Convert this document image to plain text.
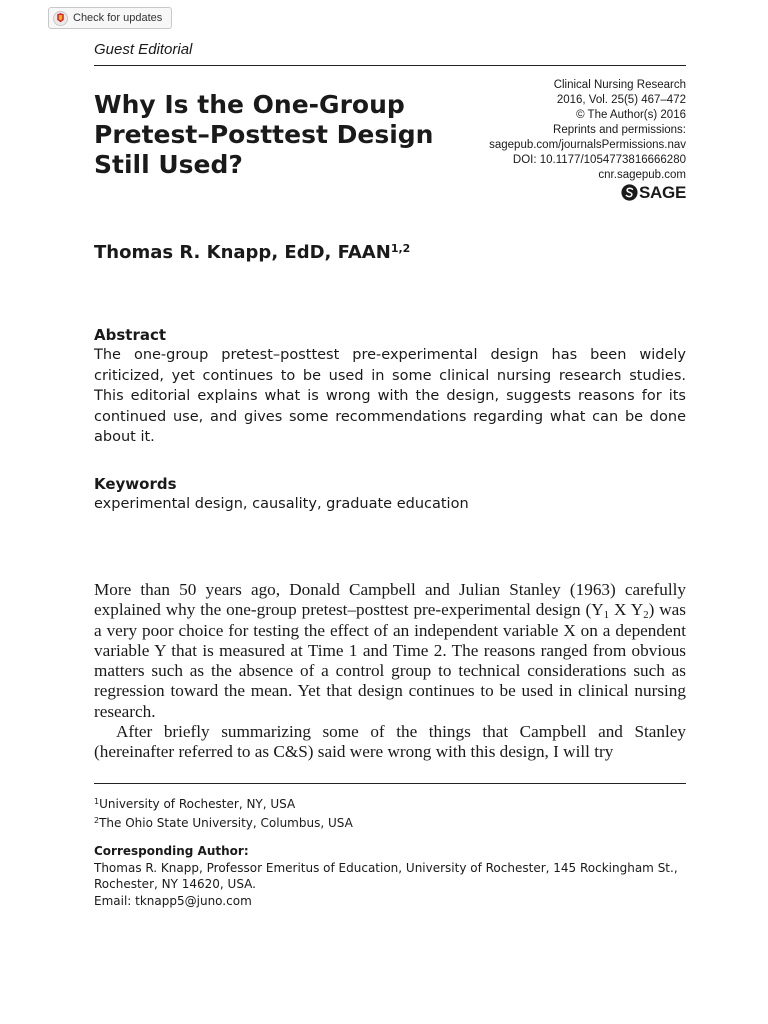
Check for updates
Guest Editorial
Why Is the One-Group Pretest–Posttest Design Still Used?
Clinical Nursing Research
2016, Vol. 25(5) 467–472
© The Author(s) 2016
Reprints and permissions:
sagepub.com/journalsPermissions.nav
DOI: 10.1177/1054773816666280
cnr.sagepub.com
SAGE
Thomas R. Knapp, EdD, FAAN$^{1,2}$
Abstract

The one-group pretest–posttest pre-experimental design has been widely criticized, yet continues to be used in some clinical nursing research studies. This editorial explains what is wrong with the design, suggests reasons for its continued use, and gives some recommendations regarding what can be done about it.

Keywords

experimental design, causality, graduate education

More than 50 years ago, Donald Campbell and Julian Stanley (1963) carefully explained why the one-group pretest–posttest pre-experimental design ($Y_1$ X $Y_2$) was a very poor choice for testing the effect of an independent variable X on a dependent variable Y that is measured at Time 1 and Time 2. The reasons ranged from obvious matters such as the absence of a control group to technical considerations such as regression toward the mean. Yet that design continues to be used in clinical nursing research.

After briefly summarizing some of the things that Campbell and Stanley (hereinafter referred to as C&S) said were wrong with this design, I will try

$^1$University of Rochester, NY, USA
$^2$The Ohio State University, Columbus, USA
Corresponding Author:
Thomas R. Knapp, Professor Emeritus of Education, University of Rochester, 145 Rockingham St., Rochester, NY 14620, USA.
Email: tknapp5@juno.com
